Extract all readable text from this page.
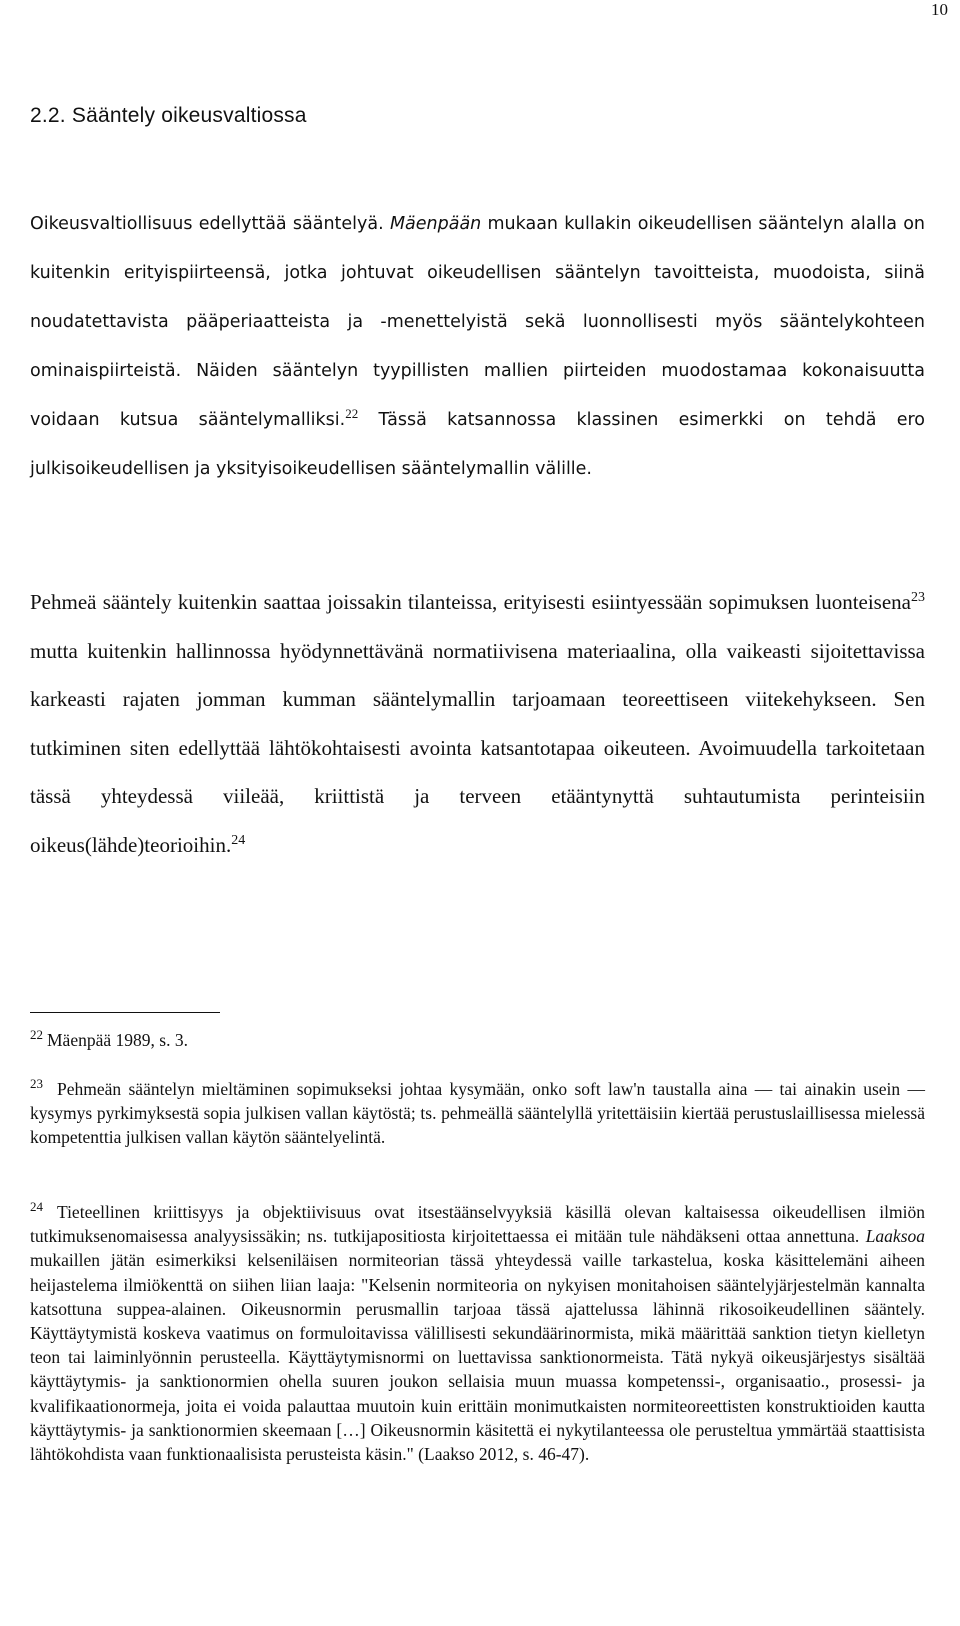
10
2.2. Sääntely oikeusvaltiossa
Oikeusvaltiollisuus edellyttää sääntelyä. Mäenpään mukaan kullakin oikeudellisen sääntelyn alalla on kuitenkin erityispiirteensä, jotka johtuvat oikeudellisen sääntelyn tavoitteista, muodoista, siinä noudatettavista pääperiaatteista ja -menettelyistä sekä luonnollisesti myös sääntelykohteen ominaispiirteistä. Näiden sääntelyn tyypillisten mallien piirteiden muodostamaa kokonaisuutta voidaan kutsua sääntelymalliksi.$^{22}$ Tässä katsannossa klassinen esimerkki on tehdä ero julkisoikeudellisen ja yksityisoikeudellisen sääntelymallin välille.
Pehmeä sääntely kuitenkin saattaa joissakin tilanteissa, erityisesti esiintyessään sopimuksen luonteisena$^{23}$ mutta kuitenkin hallinnossa hyödynnettävänä normatiivisena materiaalina, olla vaikeasti sijoitettavissa karkeasti rajaten jomman kumman sääntelymallin tarjoamaan teoreettiseen viitekehykseen. Sen tutkiminen siten edellyttää lähtökohtaisesti avointa katsantotapaa oikeuteen. Avoimuudella tarkoitetaan tässä yhteydessä viileää, kriittistä ja terveen etääntynyttä suhtautumista perinteisiin oikeus(lähde)teorioihin.$^{24}$
$^{22}$ Mäenpää 1989, s. 3.
$^{23}$ Pehmeän sääntelyn mieltäminen sopimukseksi johtaa kysymään, onko soft law'n taustalla aina — tai ainakin usein — kysymys pyrkimyksestä sopia julkisen vallan käytöstä; ts. pehmeällä sääntelyllä yritettäisiin kiertää perustuslaillisessa mielessä kompetenttia julkisen vallan käytön sääntelyelintä.
$^{24}$ Tieteellinen kriittisyys ja objektiivisuus ovat itsestäänselvyyksiä käsillä olevan kaltaisessa oikeudellisen ilmiön tutkimuksenomaisessa analyysissäkin; ns. tutkijapositiosta kirjoitettaessa ei mitään tule nähdäkseni ottaa annettuna. Laaksoa mukaillen jätän esimerkiksi kelseniläisen normiteorian tässä yhteydessä vaille tarkastelua, koska käsittelemäni aiheen heijastelema ilmiökenttä on siihen liian laaja: "Kelsenin normiteoria on nykyisen monitahoisen sääntelyjärjestelmän kannalta katsottuna suppea-alainen. Oikeusnormin perusmallin tarjoaa tässä ajattelussa lähinnä rikosoikeudellinen sääntely. Käyttäytymistä koskeva vaatimus on formuloitavissa välillisesti sekundäärinormista, mikä määrittää sanktion tietyn kielletyn teon tai laiminlyönnin perusteella. Käyttäytymisnormi on luettavissa sanktionormeista. Tätä nykyä oikeusjärjestys sisältää käyttäytymis- ja sanktionormien ohella suuren joukon sellaisia muun muassa kompetenssi-, organisaatio., prosessi- ja kvalifikaationormeja, joita ei voida palauttaa muutoin kuin erittäin monimutkaisten normiteoreettisten konstruktioiden kautta käyttäytymis- ja sanktionormien skeemaan […] Oikeusnormin käsitettä ei nykytilanteessa ole perusteltua ymmärtää staattisista lähtökohdista vaan funktionaalisista perusteista käsin." (Laakso 2012, s. 46-47).
